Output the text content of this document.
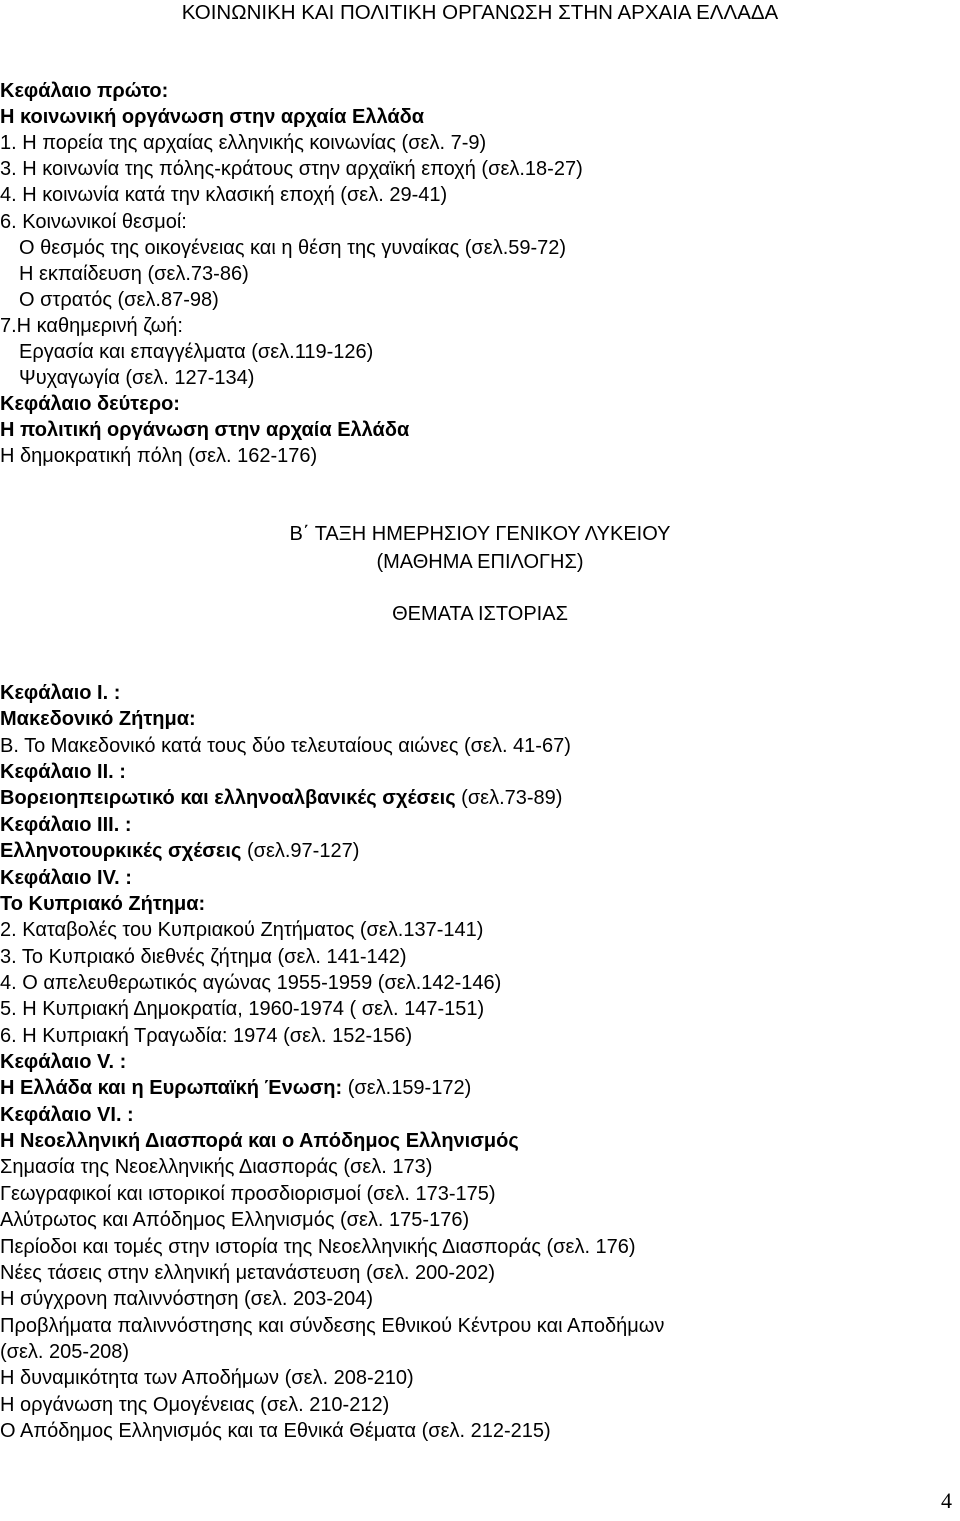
ΚΟΙΝΩΝΙΚΗ ΚΑΙ ΠΟΛΙΤΙΚΗ ΟΡΓΑΝΩΣΗ ΣΤΗΝ ΑΡΧΑΙΑ ΕΛΛΑΔΑ
Κεφάλαιο πρώτο:
Η κοινωνική οργάνωση στην αρχαία Ελλάδα
1. Η πορεία της αρχαίας ελληνικής κοινωνίας (σελ. 7-9)
3. Η κοινωνία της πόλης-κράτους στην αρχαϊκή εποχή (σελ.18-27)
4. Η κοινωνία κατά την κλασική εποχή (σελ. 29-41)
6. Κοινωνικοί θεσμοί:
Ο θεσμός της οικογένειας και η θέση της γυναίκας (σελ.59-72)
Η εκπαίδευση (σελ.73-86)
Ο στρατός (σελ.87-98)
7.Η καθημερινή ζωή:
Εργασία και επαγγέλματα (σελ.119-126)
Ψυχαγωγία (σελ. 127-134)
Κεφάλαιο δεύτερο:
Η πολιτική οργάνωση στην αρχαία Ελλάδα
Η δημοκρατική πόλη (σελ. 162-176)
Β΄ ΤΑΞΗ ΗΜΕΡΗΣΙΟΥ ΓΕΝΙΚΟΥ ΛΥΚΕΙΟΥ
(ΜΑΘΗΜΑ ΕΠΙΛΟΓΗΣ)
ΘΕΜΑΤΑ ΙΣΤΟΡΙΑΣ
Κεφάλαιο Ι. :
Μακεδονικό Ζήτημα:
Β. Το Μακεδονικό κατά τους δύο τελευταίους αιώνες (σελ. 41-67)
Κεφάλαιο ΙΙ. :
Βορειοηπειρωτικό και ελληνοαλβανικές σχέσεις (σελ.73-89)
Κεφάλαιο ΙΙΙ. :
Ελληνοτουρκικές σχέσεις (σελ.97-127)
Κεφάλαιο IV. :
Το Κυπριακό Ζήτημα:
2. Καταβολές του Κυπριακού Ζητήματος (σελ.137-141)
3. Το Κυπριακό διεθνές ζήτημα (σελ. 141-142)
4. Ο απελευθερωτικός αγώνας 1955-1959 (σελ.142-146)
5. Η Κυπριακή Δημοκρατία, 1960-1974 ( σελ. 147-151)
6. Η Κυπριακή Τραγωδία: 1974 (σελ. 152-156)
Κεφάλαιο V. :
Η Ελλάδα και η Ευρωπαϊκή Ένωση: (σελ.159-172)
Κεφάλαιο VI. :
Η Νεοελληνική Διασπορά και ο Απόδημος Ελληνισμός
Σημασία της Νεοελληνικής Διασποράς (σελ. 173)
Γεωγραφικοί και ιστορικοί προσδιορισμοί (σελ. 173-175)
Αλύτρωτος και Απόδημος Ελληνισμός (σελ. 175-176)
Περίοδοι και τομές στην ιστορία της Νεοελληνικής Διασποράς (σελ. 176)
Νέες τάσεις στην ελληνική μετανάστευση (σελ. 200-202)
Η σύγχρονη παλιννόστηση (σελ. 203-204)
Προβλήματα παλιννόστησης και σύνδεσης Εθνικού Κέντρου και Αποδήμων
(σελ. 205-208)
Η δυναμικότητα των Αποδήμων (σελ. 208-210)
Η οργάνωση της Ομογένειας (σελ. 210-212)
Ο Απόδημος Ελληνισμός και τα Εθνικά Θέματα (σελ. 212-215)
4
